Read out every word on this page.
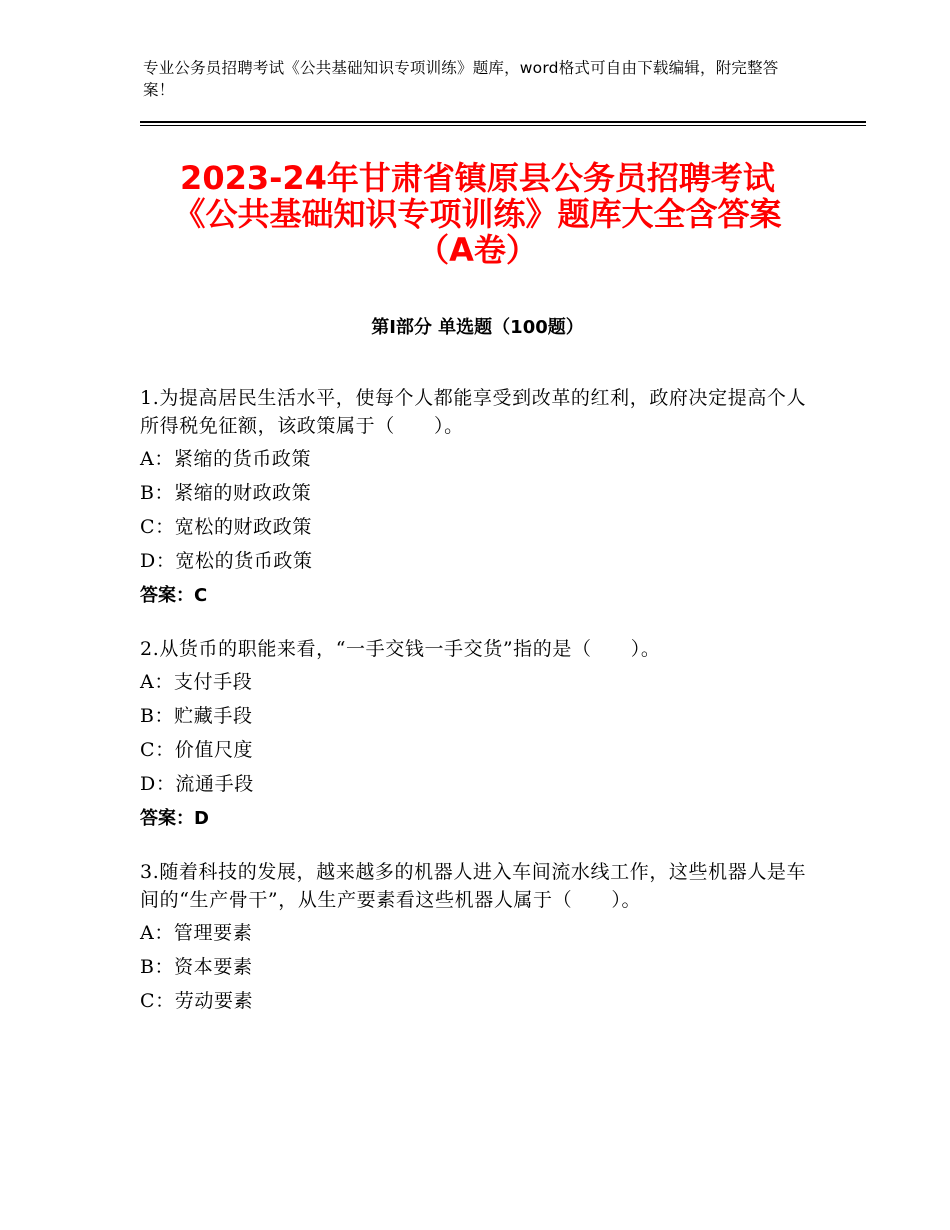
专业公务员招聘考试《公共基础知识专项训练》题库，word格式可自由下载编辑，附完整答案！
2023-24年甘肃省镇原县公务员招聘考试
《公共基础知识专项训练》题库大全含答案
（A卷）
第Ⅰ部分 单选题（100题）
1.为提高居民生活水平，使每个人都能享受到改革的红利，政府决定提高个人所得税免征额，该政策属于（　　）。
A：紧缩的货币政策
B：紧缩的财政政策
C：宽松的财政政策
D：宽松的货币政策
答案：C
2.从货币的职能来看，“一手交钱一手交货”指的是（　　）。
A：支付手段
B：贮藏手段
C：价值尺度
D：流通手段
答案：D
3.随着科技的发展，越来越多的机器人进入车间流水线工作，这些机器人是车间的“生产骨干”，从生产要素看这些机器人属于（　　）。
A：管理要素
B：资本要素
C：劳动要素
